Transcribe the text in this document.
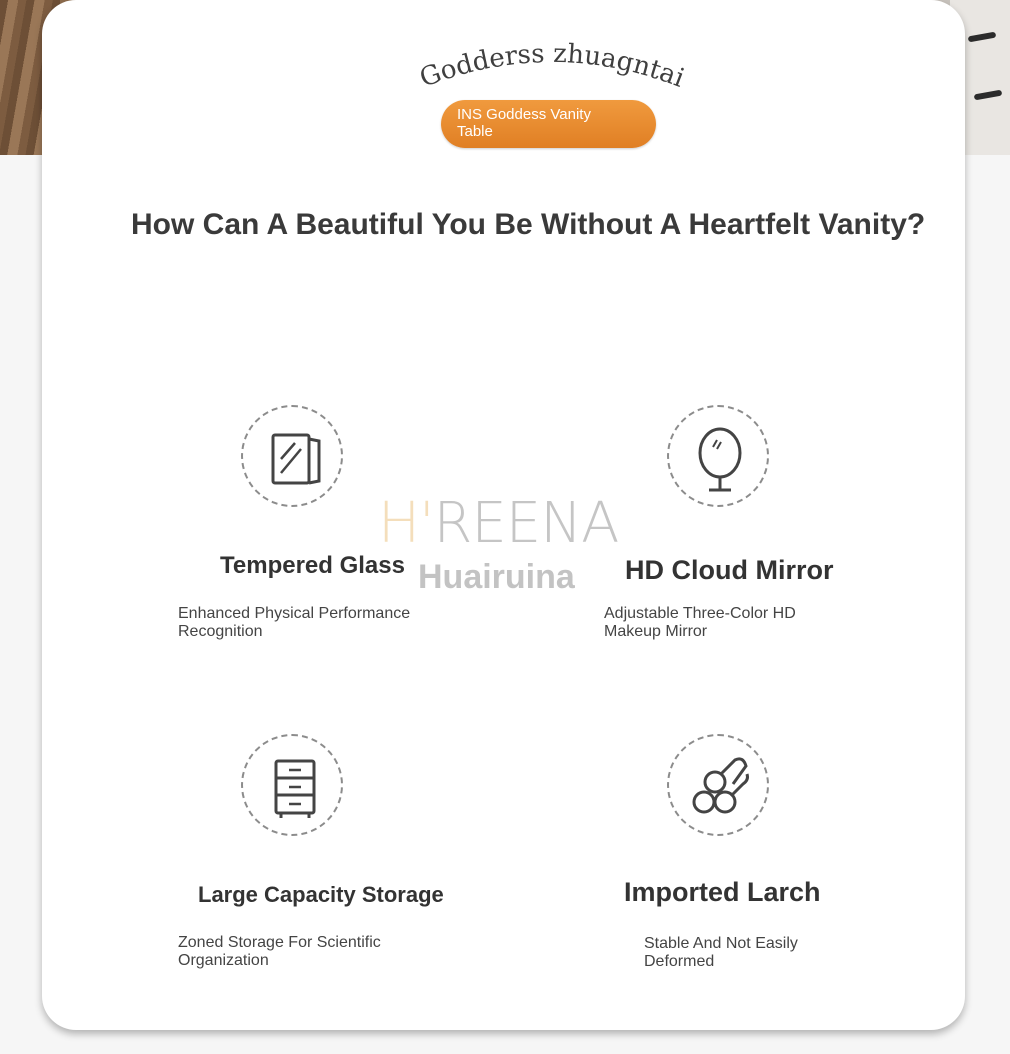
Godderss zhuagntai
INS Goddess Vanity Table
How Can A Beautiful You Be Without A Heartfelt Vanity?
Tempered Glass

Enhanced Physical Performance Recognition

HD Cloud Mirror

Adjustable Three-Color HD Makeup Mirror

Large Capacity Storage

Zoned Storage For Scientific Organization

Imported Larch

Stable And Not Easily Deformed

H'REENA
Huairuina
